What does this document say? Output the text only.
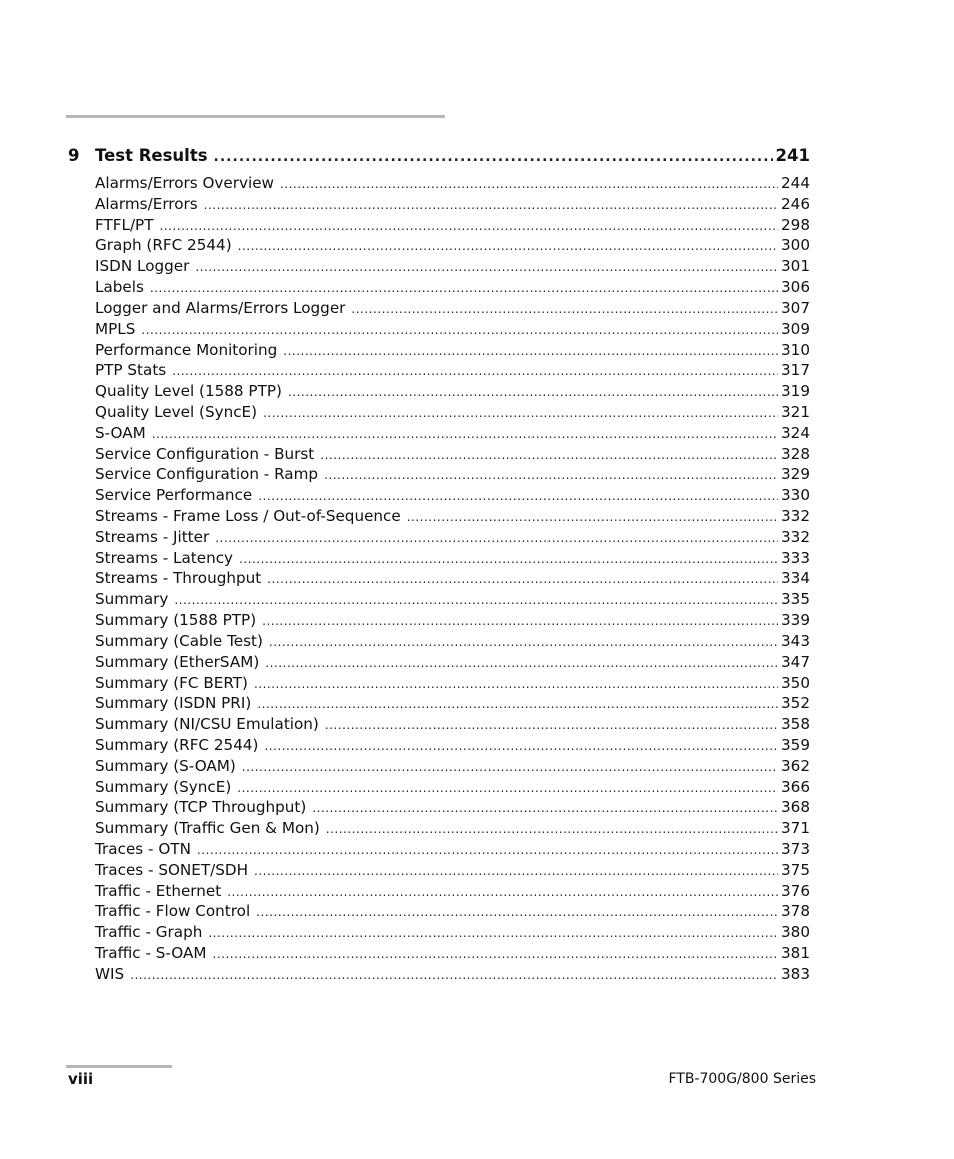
9 Test Results .....	241
Alarms/Errors Overview .....	244
Alarms/Errors .....	246
FTFL/PT .....	298
Graph (RFC 2544) .....	300
ISDN Logger .....	301
Labels .....	306
Logger and Alarms/Errors Logger .....	307
MPLS .....	309
Performance Monitoring .....	310
PTP Stats .....	317
Quality Level (1588 PTP) .....	319
Quality Level (SyncE) .....	321
S-OAM .....	324
Service Configuration - Burst .....	328
Service Configuration - Ramp .....	329
Service Performance .....	330
Streams - Frame Loss / Out-of-Sequence .....	332
Streams - Jitter .....	332
Streams - Latency .....	333
Streams - Throughput .....	334
Summary .....	335
Summary (1588 PTP) .....	339
Summary (Cable Test) .....	343
Summary (EtherSAM) .....	347
Summary (FC BERT) .....	350
Summary (ISDN PRI) .....	352
Summary (NI/CSU Emulation) .....	358
Summary (RFC 2544) .....	359
Summary (S-OAM) .....	362
Summary (SyncE) .....	366
Summary (TCP Throughput) .....	368
Summary (Traffic Gen & Mon) .....	371
Traces - OTN .....	373
Traces - SONET/SDH .....	375
Traffic - Ethernet .....	376
Traffic - Flow Control .....	378
Traffic - Graph .....	380
Traffic - S-OAM .....	381
WIS .....	383
viii	FTB-700G/800 Series
